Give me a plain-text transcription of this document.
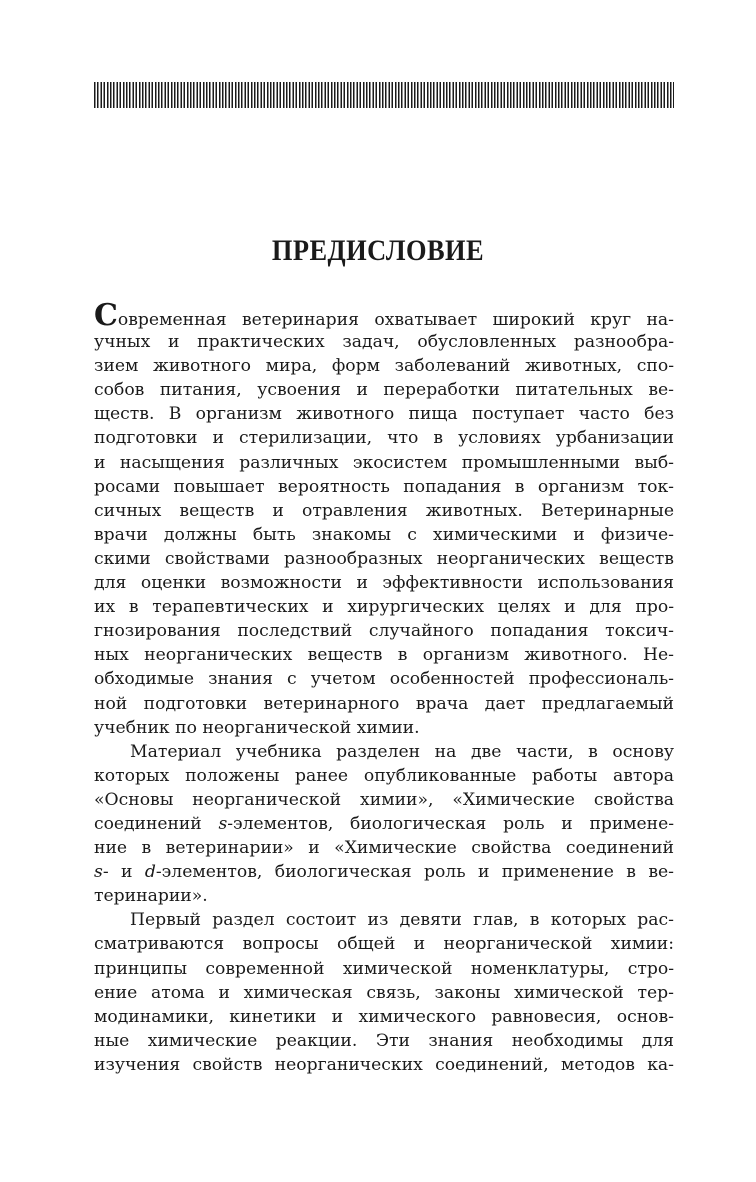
ПРЕДИСЛОВИЕ
Современная ветеринария охватывает широкий круг на-
учных и практических задач, обусловленных разнообра-
зием животного мира, форм заболеваний животных, спо-
собов питания, усвоения и переработки питательных ве-
ществ. В организм животного пища поступает часто без
подготовки и стерилизации, что в условиях урбанизации
и насыщения различных экосистем промышленными выб-
росами повышает вероятность попадания в организм ток-
сичных веществ и отравления животных. Ветеринарные
врачи должны быть знакомы с химическими и физиче-
скими свойствами разнообразных неорганических веществ
для оценки возможности и эффективности использования
их в терапевтических и хирургических целях и для про-
гнозирования последствий случайного попадания токсич-
ных неорганических веществ в организм животного. Не-
обходимые знания с учетом особенностей профессиональ-
ной подготовки ветеринарного врача дает предлагаемый
учебник по неорганической химии.
Материал учебника разделен на две части, в основу
которых положены ранее опубликованные работы автора
«Основы неорганической химии», «Химические свойства
соединений s-элементов, биологическая роль и примене-
ние в ветеринарии» и «Химические свойства соединений
s- и d-элементов, биологическая роль и применение в ве-
теринарии».
Первый раздел состоит из девяти глав, в которых рас-
сматриваются вопросы общей и неорганической химии:
принципы современной химической номенклатуры, стро-
ение атома и химическая связь, законы химической тер-
модинамики, кинетики и химического равновесия, основ-
ные химические реакции. Эти знания необходимы для
изучения свойств неорганических соединений, методов ка-
